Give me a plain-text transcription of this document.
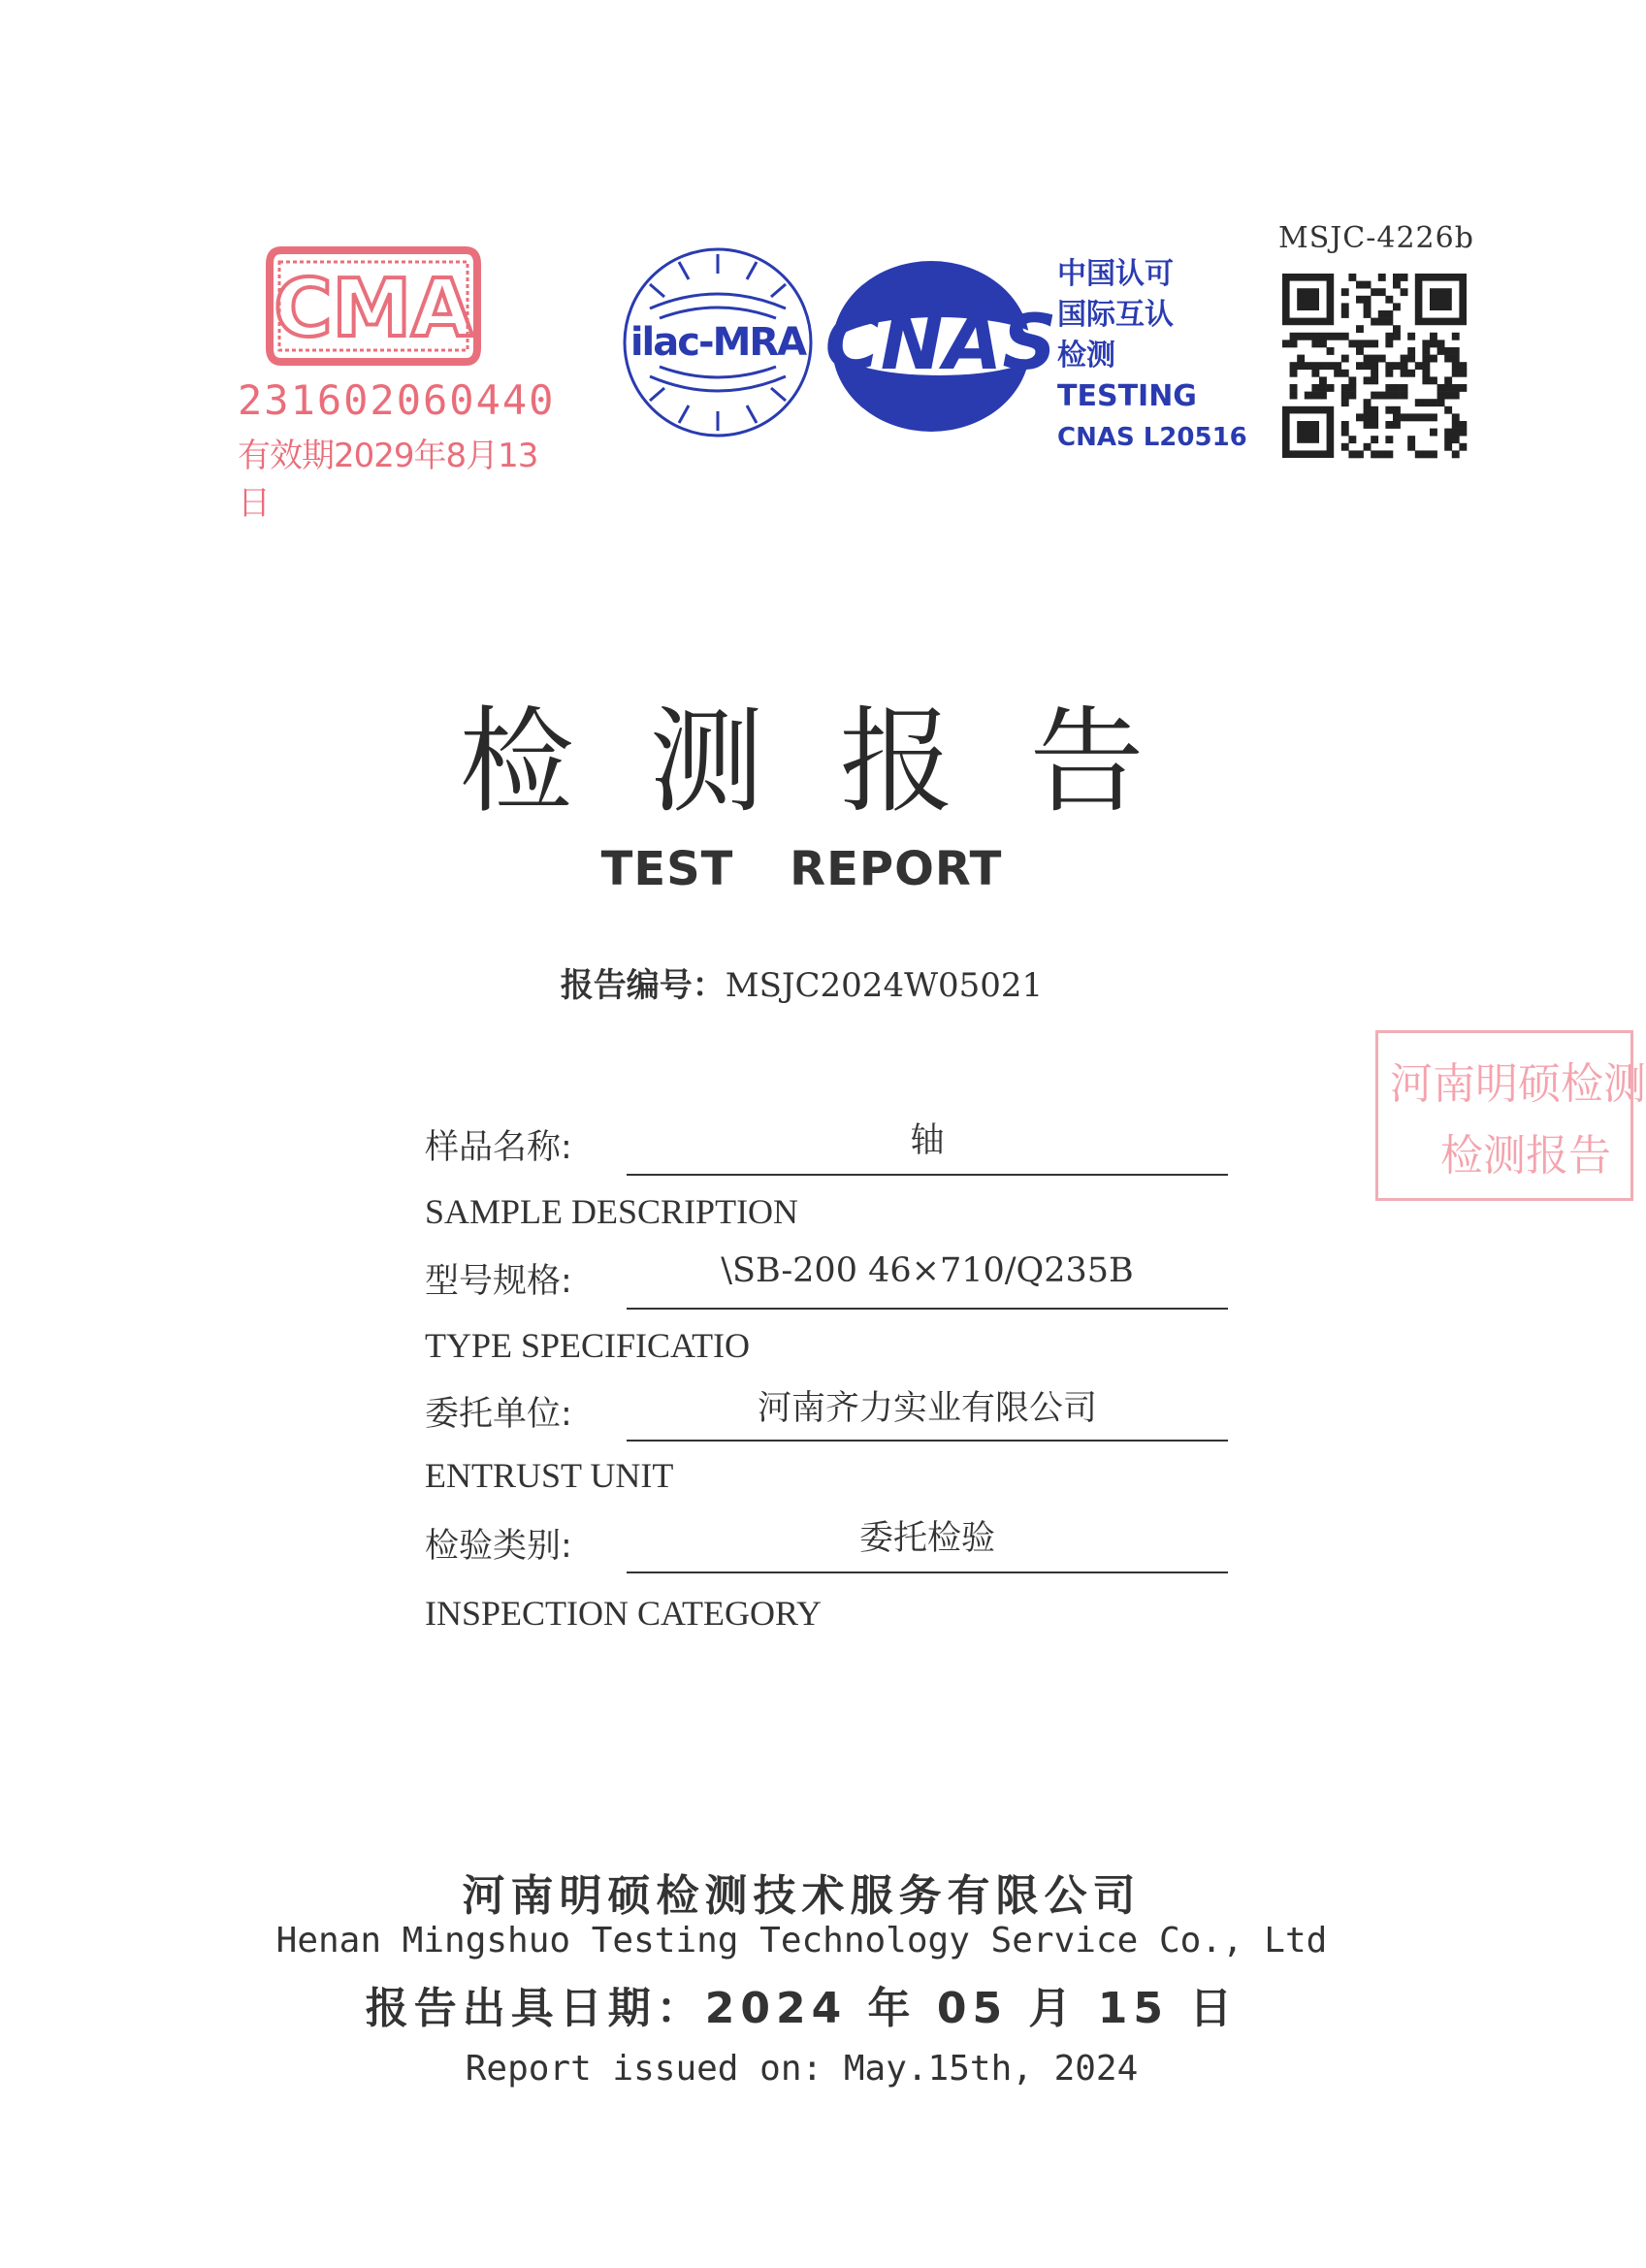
CMA
231602060440
有效期2029年8月13日
ilac-MRA CNAS
中国认可
国际互认
检测
TESTING
CNAS L20516
MSJC-4226b
河南明硕检测
检测报告
检测报告
TEST REPORT
报告编号：MSJC2024W05021
样品名称:	轴
SAMPLE DESCRIPTION
型号规格:	\SB-200 46×710/Q235B
TYPE SPECIFICATIO
委托单位:	河南齐力实业有限公司
ENTRUST UNIT
检验类别:	委托检验
INSPECTION CATEGORY
河南明硕检测技术服务有限公司
Henan Mingshuo Testing Technology Service Co., Ltd
报告出具日期：2024 年 05 月 15 日
Report issued on: May.15th, 2024
